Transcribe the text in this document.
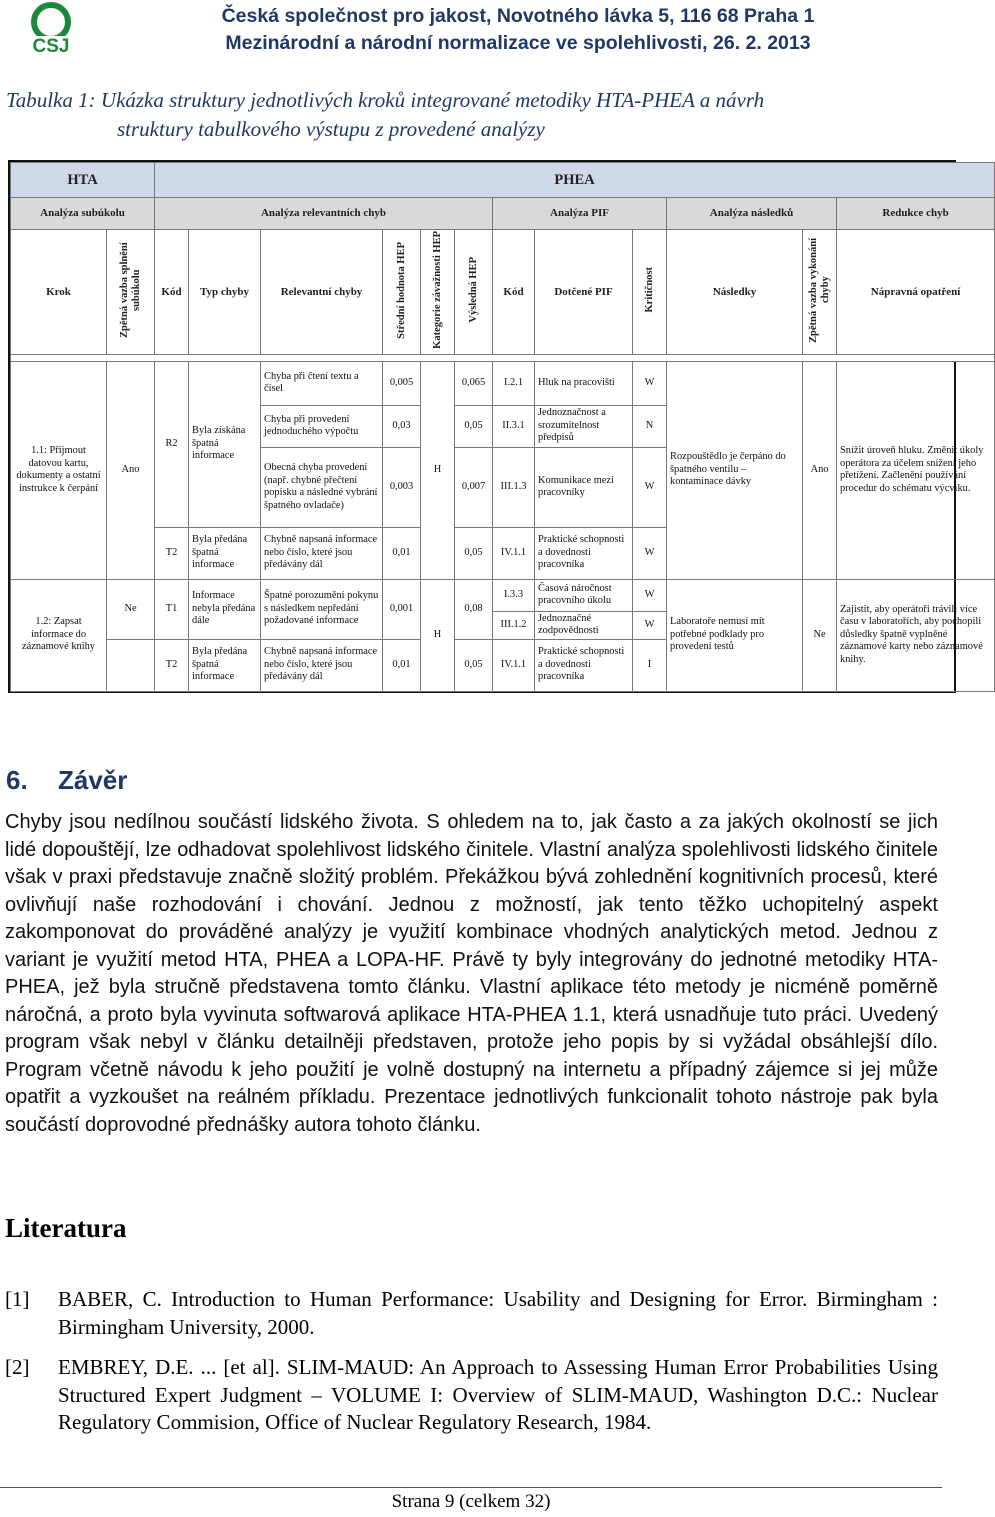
CSJ
Česká společnost pro jakost, Novotného lávka 5, 116 68 Praha 1
Mezinárodní a národní normalizace ve spolehlivosti, 26. 2. 2013
Tabulka 1: Ukázka struktury jednotlivých kroků integrované metodiky HTA-PHEA a návrh
struktury tabulkového výstupu z provedené analýzy
HTA		PHEA											
Analýza subúkolu		Analýza relevantních chyb						Analýza PIF			Analýza následků		Redukce chyb
Krok	Zpětná vazba splnění subúkolu	Kód	Typ chyby	Relevantní chyby	Střední hodnota HEP	Kategorie závažnosti HEP	Výsledná HEP	Kód	Dotčené PIF	Kritičnost	Následky	Zpětná vazba vykonání chyby	Nápravná opatření

1.1: Přijmout datovou kartu, dokumenty a ostatní instrukce k čerpání	Ano	R2	Byla získána špatná informace	Chyba při čtení textu a čísel	0,005	H	0,065	I.2.1	Hluk na pracovišti	W	Rozpouštědlo je čerpáno do špatného ventilu – kontaminace dávky	Ano	Snížit úroveň hluku. Změnit úkoly operátora za účelem snížení jeho přetížení. Začlenění používání procedur do schématu výcviku.
				Chyba při provedení jednoduchého výpočtu	0,03		0,05	II.3.1	Jednoznačnost a srozumitelnost předpisů	N			
				Obecná chyba provedení (např. chybné přečtení popisku a následné vybrání špatného ovladače)	0,003		0,007	III.1.3	Komunikace mezi pracovníky	W			
		T2	Byla předána špatná informace	Chybně napsaná informace nebo číslo, které jsou předávány dál	0,01		0,05	IV.1.1	Praktické schopnosti a dovednosti pracovníka	W			
1.2: Zapsat informace do záznamové knihy	Ne	T1	Informace nebyla předána dále	Špatné porozumění pokynu s následkem nepředání požadované informace	0,001	H	0,08	I.3.3	Časová náročnost pracovního úkolu	W	Laboratoře nemusí mít potřebné podklady pro provedení testů	Ne	Zajistit, aby operátoři trávili více času v laboratořích, aby pochopili důsledky špatně vyplněné záznamové karty nebo záznamové knihy.
								III.1.2	Jednoznačné zodpovědnosti	W			
		T2	Byla předána špatná informace	Chybně napsaná informace nebo číslo, které jsou předávány dál	0,01		0,05	IV.1.1	Praktické schopnosti a dovednosti pracovníka	I			
6. Závěr
Chyby jsou nedílnou součástí lidského života. S ohledem na to, jak často a za jakých okolností se jich lidé dopouštějí, lze odhadovat spolehlivost lidského činitele. Vlastní analýza spolehlivosti lidského činitele však v praxi představuje značně složitý problém. Překážkou bývá zohlednění kognitivních procesů, které ovlivňují naše rozhodování i chování. Jednou z možností, jak tento těžko uchopitelný aspekt zakomponovat do prováděné analýzy je využití kombinace vhodných analytických metod. Jednou z variant je využití metod HTA, PHEA a LOPA-HF. Právě ty byly integrovány do jednotné metodiky HTA-PHEA, jež byla stručně představena tomto článku. Vlastní aplikace této metody je nicméně poměrně náročná, a proto byla vyvinuta softwarová aplikace HTA-PHEA 1.1, která usnadňuje tuto práci. Uvedený program však nebyl v článku detailněji představen, protože jeho popis by si vyžádal obsáhlejší dílo. Program včetně návodu k jeho použití je volně dostupný na internetu a případný zájemce si jej může opatřit a vyzkoušet na reálném příkladu. Prezentace jednotlivých funkcionalit tohoto nástroje pak byla součástí doprovodné přednášky autora tohoto článku.
Literatura
[1] BABER, C. Introduction to Human Performance: Usability and Designing for Error. Birmingham : Birmingham University, 2000.
[2] EMBREY, D.E. ... [et al]. SLIM-MAUD: An Approach to Assessing Human Error Probabilities Using Structured Expert Judgment – VOLUME I: Overview of SLIM-MAUD, Washington D.C.: Nuclear Regulatory Commision, Office of Nuclear Regulatory Research, 1984.
Strana 9 (celkem 32)
